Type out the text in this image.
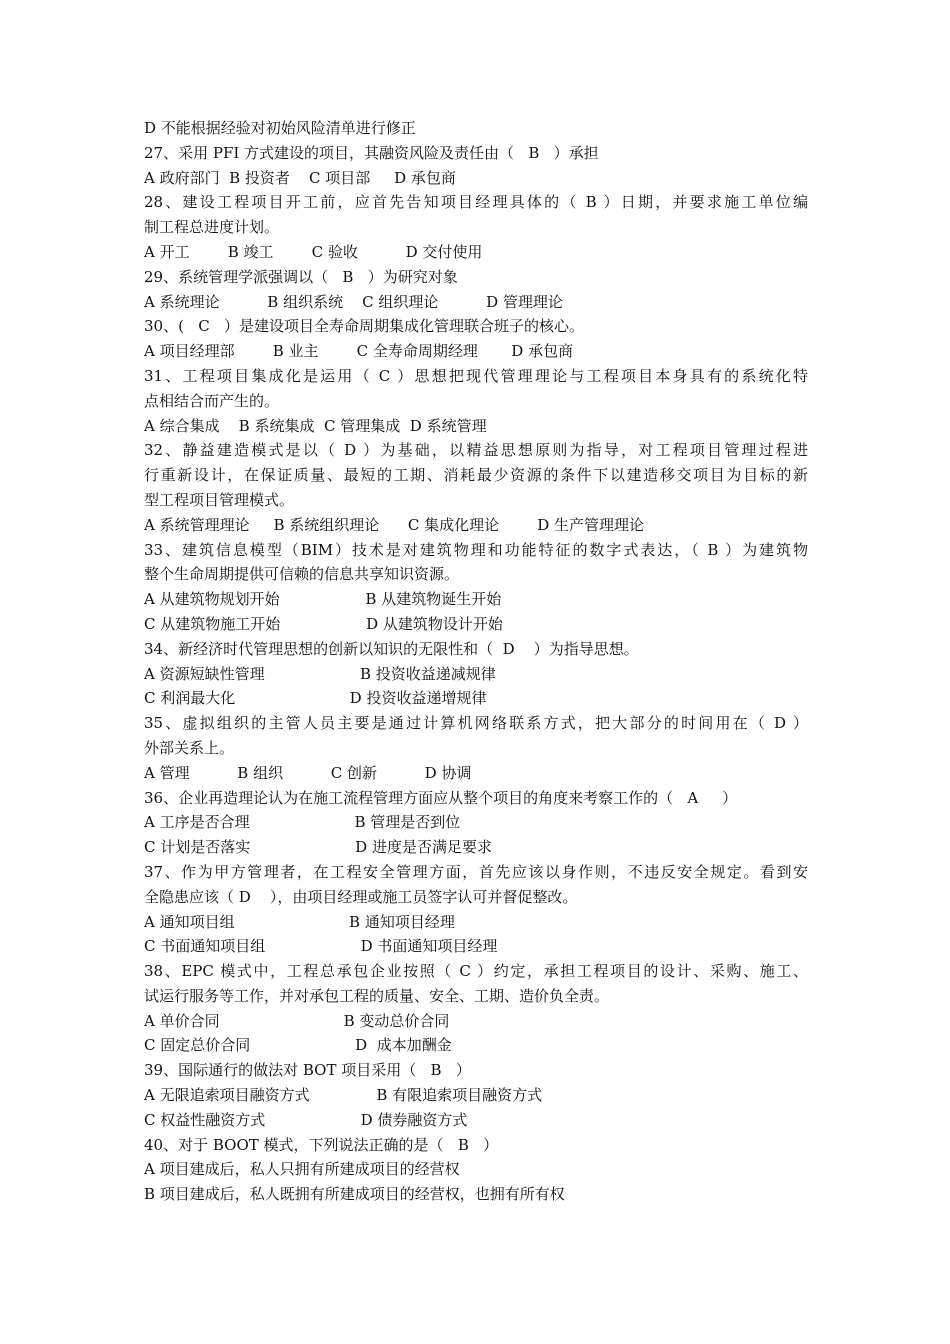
D 不能根据经验对初始风险清单进行修正
27、采用 PFI 方式建设的项目，其融资风险及责任由（   B   ）承担
A 政府部门  B 投资者    C 项目部     D 承包商
28、建设工程项目开工前，应首先告知项目经理具体的（ B ）日期，并要求施工单位编
制工程总进度计划。
A 开工        B 竣工        C 验收          D 交付使用
29、系统管理学派强调以（   B   ）为研究对象
A 系统理论          B 组织系统    C 组织理论          D 管理理论
30、(   C   ）是建设项目全寿命周期集成化管理联合班子的核心。
A 项目经理部        B 业主        C 全寿命周期经理       D 承包商
31、工程项目集成化是运用（ C ）思想把现代管理理论与工程项目本身具有的系统化特
点相结合而产生的。
A 综合集成    B 系统集成  C 管理集成  D 系统管理
32、静益建造模式是以（ D ）为基础，以精益思想原则为指导，对工程项目管理过程进
行重新设计，在保证质量、最短的工期、消耗最少资源的条件下以建造移交项目为目标的新
型工程项目管理模式。
A 系统管理理论     B 系统组织理论      C 集成化理论        D 生产管理理论
33、建筑信息模型（BIM）技术是对建筑物理和功能特征的数字式表达，（ B ）为建筑物
整个生命周期提供可信赖的信息共享知识资源。
A 从建筑物规划开始                  B 从建筑物诞生开始
C 从建筑物施工开始                  D 从建筑物设计开始
34、新经济时代管理思想的创新以知识的无限性和（  D    ）为指导思想。
A 资源短缺性管理                    B 投资收益递减规律
C 利润最大化                        D 投资收益递增规律
35、虚拟组织的主管人员主要是通过计算机网络联系方式，把大部分的时间用在（ D ）
外部关系上。
A 管理          B 组织          C 创新          D 协调
36、企业再造理论认为在施工流程管理方面应从整个项目的角度来考察工作的（   A     ）
A 工序是否合理                      B 管理是否到位
C 计划是否落实                      D 进度是否满足要求
37、作为甲方管理者，在工程安全管理方面，首先应该以身作则，不违反安全规定。看到安
全隐患应该（ D    ），由项目经理或施工员签字认可并督促整改。
A 通知项目组                        B 通知项目经理
C 书面通知项目组                    D 书面通知项目经理
38、EPC 模式中，工程总承包企业按照（ C ）约定，承担工程项目的设计、采购、施工、
试运行服务等工作，并对承包工程的质量、安全、工期、造价负全责。
A 单价合同                          B 变动总价合同
C 固定总价合同                      D  成本加酬金
39、国际通行的做法对 BOT 项目采用（   B   ）
A 无限追索项目融资方式              B 有限追索项目融资方式
C 权益性融资方式                    D 债券融资方式
40、对于 BOOT 模式，下列说法正确的是（   B   ）
A 项目建成后，私人只拥有所建成项目的经营权
B 项目建成后，私人既拥有所建成项目的经营权，也拥有所有权
